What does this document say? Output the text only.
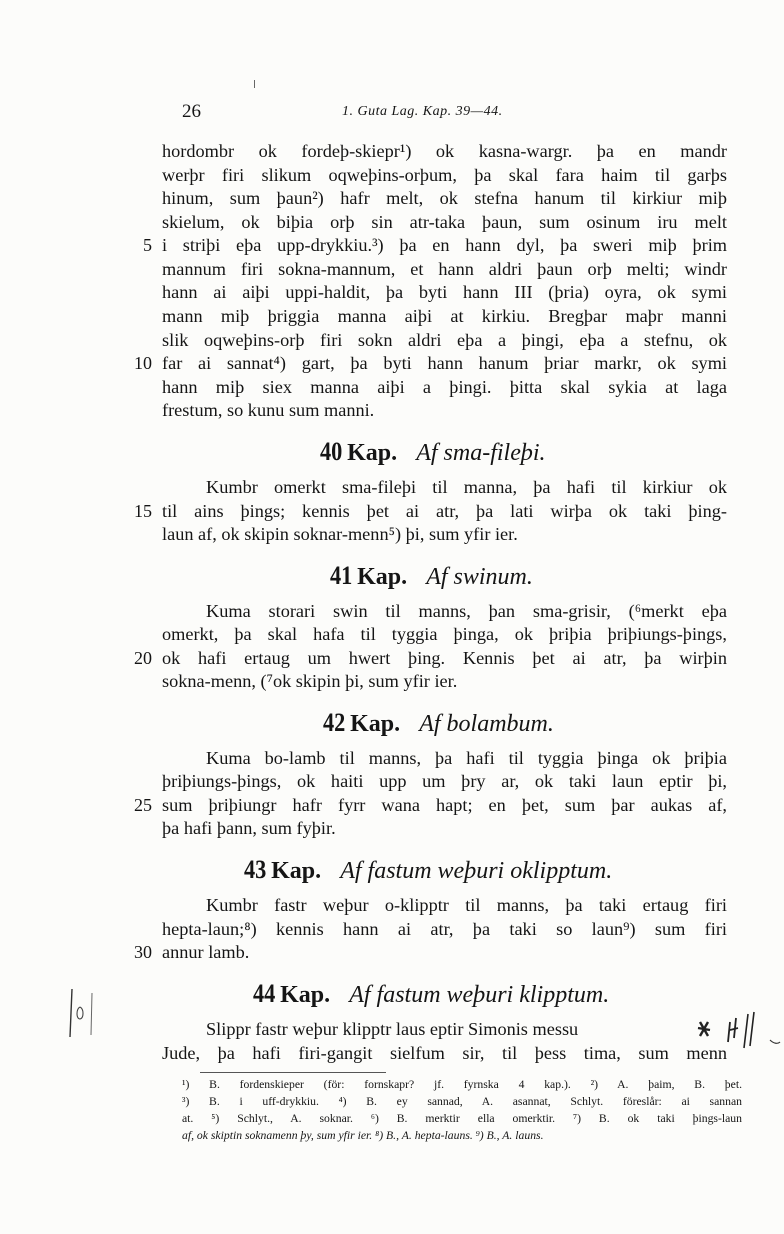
26	1. Guta Lag. Kap. 39—44.
hordombr ok fordeþ-skiepr¹) ok kasna-wargr. þa en mandr
werþr firi slikum oqweþins-orþum, þa skal fara haim til garþs
hinum, sum þaun²) hafr melt, ok stefna hanum til kirkiur miþ
skielum, ok biþia orþ sin atr-taka þaun, sum osinum iru melt
5 i striþi eþa upp-drykkiu.³) þa en hann dyl, þa sweri miþ þrim
mannum firi sokna-mannum, et hann aldri þaun orþ melti; windr
hann ai aiþi uppi-haldit, þa byti hann III (þria) oyra, ok symi
mann miþ þriggia manna aiþi at kirkiu. Bregþar maþr manni
slik oqweþins-orþ firi sokn aldri eþa a þingi, eþa a stefnu, ok
10 far ai sannat⁴) gart, þa byti hann hanum þriar markr, ok symi
hann miþ siex manna aiþi a þingi. þitta skal sykia at laga
frestum, so kunu sum manni.
40 Kap. Af sma-fileþi.
Kumbr omerkt sma-fileþi til manna, þa hafi til kirkiur ok
15 til ains þings; kennis þet ai atr, þa lati wirþa ok taki þing-
laun af, ok skipin soknar-menn⁵) þi, sum yfir ier.
41 Kap. Af swinum.
Kuma storari swin til manns, þan sma-grisir, (⁶merkt eþa
omerkt, þa skal hafa til tyggia þinga, ok þriþia þriþiungs-þings,
20 ok hafi ertaug um hwert þing. Kennis þet ai atr, þa wirþin
sokna-menn, (⁷ok skipin þi, sum yfir ier.
42 Kap. Af bolambum.
Kuma bo-lamb til manns, þa hafi til tyggia þinga ok þriþia
þriþiungs-þings, ok haiti upp um þry ar, ok taki laun eptir þi,
25 sum þriþiungr hafr fyrr wana hapt; en þet, sum þar aukas af,
þa hafi þann, sum fyþir.
43 Kap. Af fastum weþuri oklipptum.
Kumbr fastr weþur o-klipptr til manns, þa taki ertaug firi
hepta-laun;⁸) kennis hann ai atr, þa taki so laun⁹) sum firi
30 annur lamb.
44 Kap. Af fastum weþuri klipptum.
Slippr fastr weþur klipptr laus eptir Simonis messu
Jude, þa hafi firi-gangit sielfum sir, til þess tima, sum menn
¹) B. fordenskieper (för: fornskapr? jf. fyrnska 4 kap.). ²) A. þaim, B. þet.
³) B. i uff-drykkiu. ⁴) B. ey sannad, A. asannat, Schlyt. föreslår: ai sannan
at. ⁵) Schlyt., A. soknar. ⁶) B. merktir ella omerktir. ⁷) B. ok taki þings-laun
af, ok skiptin soknamenn þy, sum yfir ier. ⁸) B., A. hepta-launs. ⁹) B., A. launs.
